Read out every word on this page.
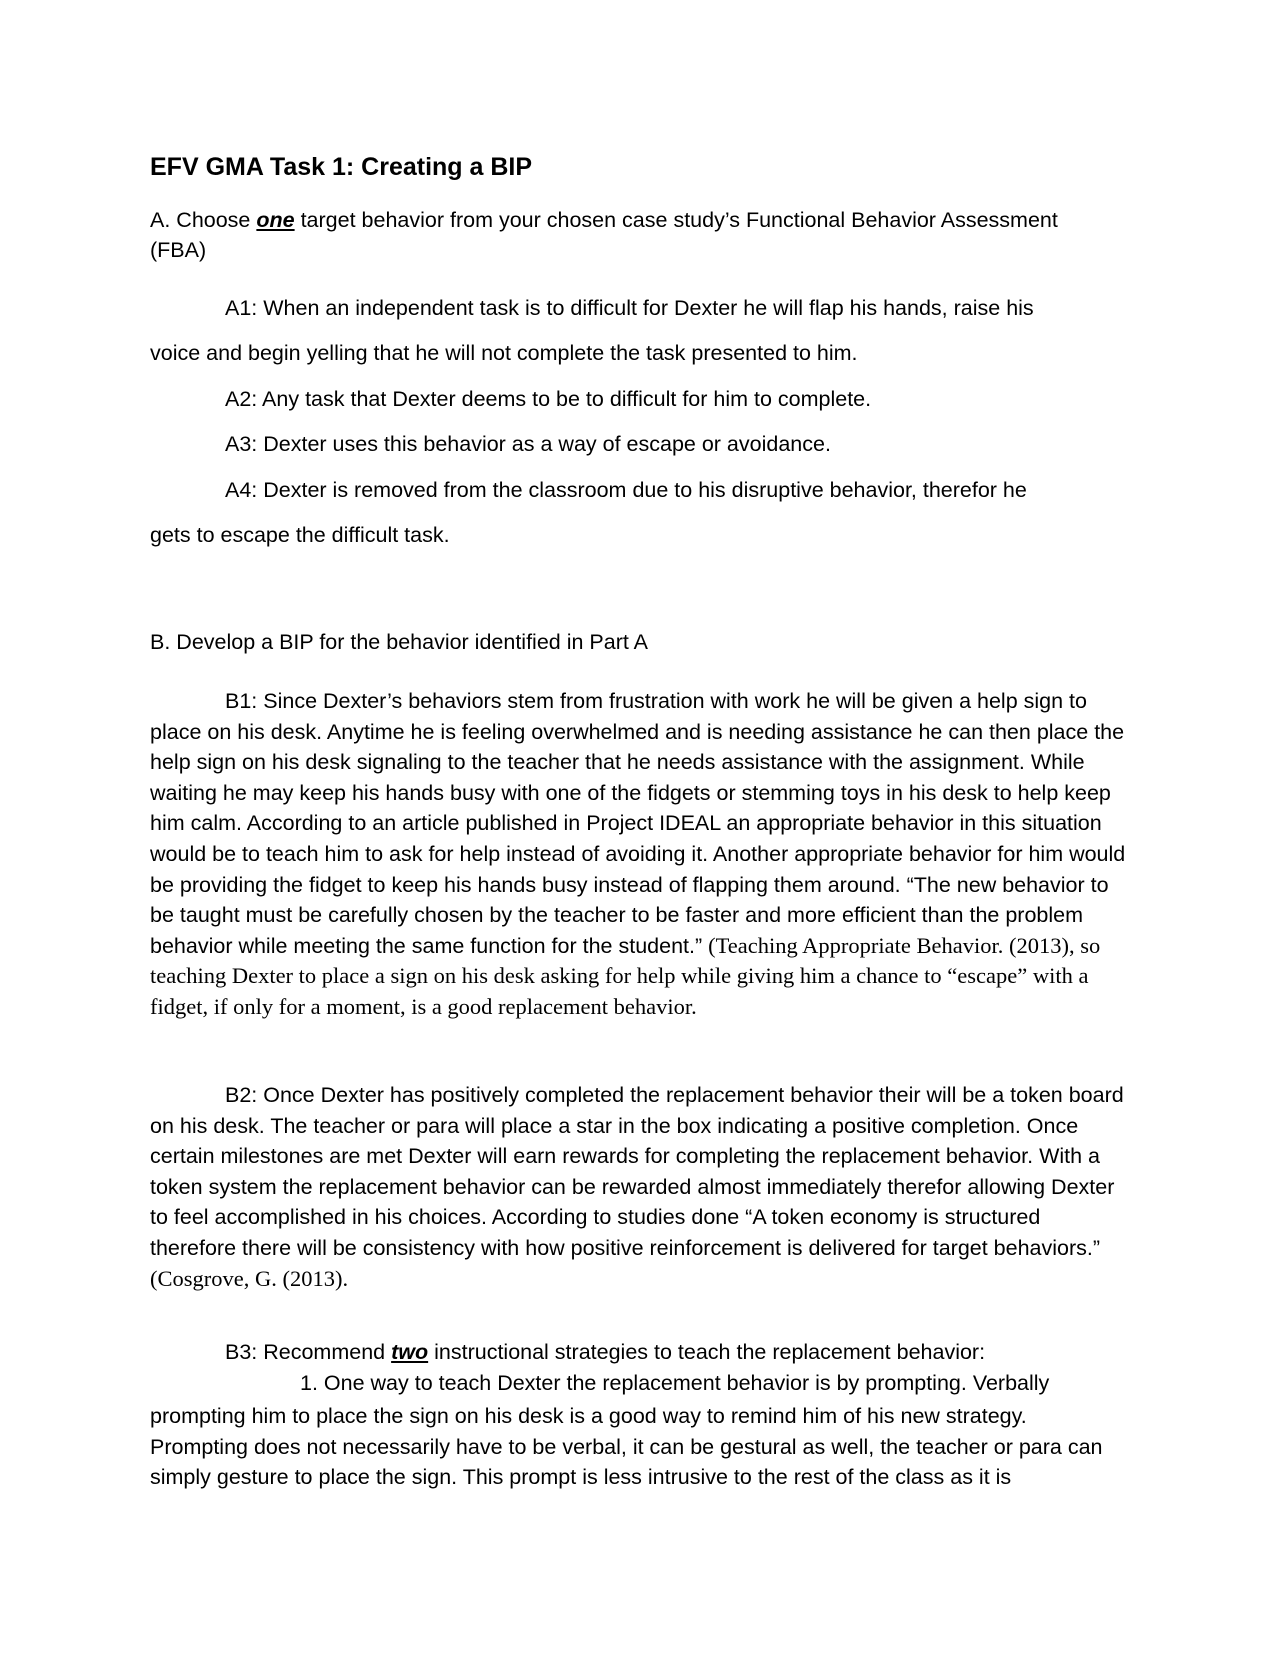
EFV GMA Task 1: Creating a BIP

A. Choose one target behavior from your chosen case study’s Functional Behavior Assessment

(FBA)

A1: When an independent task is to difficult for Dexter he will flap his hands, raise his

voice and begin yelling that he will not complete the task presented to him.

A2: Any task that Dexter deems to be to difficult for him to complete.

A3: Dexter uses this behavior as a way of escape or avoidance.

A4: Dexter is removed from the classroom due to his disruptive behavior, therefor he

gets to escape the difficult task.

B. Develop a BIP for the behavior identified in Part A

B1: Since Dexter’s behaviors stem from frustration with work he will be given a help sign to place on his desk. Anytime he is feeling overwhelmed and is needing assistance he can then place the help sign on his desk signaling to the teacher that he needs assistance with the assignment. While waiting he may keep his hands busy with one of the fidgets or stemming toys in his desk to help keep him calm. According to an article published in Project IDEAL an appropriate behavior in this situation would be to teach him to ask for help instead of avoiding it. Another appropriate behavior for him would be providing the fidget to keep his hands busy instead of flapping them around. “The new behavior to be taught must be carefully chosen by the teacher to be faster and more efficient than the problem behavior while meeting the same function for the student.” (Teaching Appropriate Behavior. (2013), so teaching Dexter to place a sign on his desk asking for help while giving him a chance to “escape” with a fidget, if only for a moment, is a good replacement behavior.

B2: Once Dexter has positively completed the replacement behavior their will be a token board on his desk. The teacher or para will place a star in the box indicating a positive completion. Once certain milestones are met Dexter will earn rewards for completing the replacement behavior. With a token system the replacement behavior can be rewarded almost immediately therefor allowing Dexter to feel accomplished in his choices. According to studies done “A token economy is structured therefore there will be consistency with how positive reinforcement is delivered for target behaviors.” (Cosgrove, G. (2013).

B3: Recommend two instructional strategies to teach the replacement behavior:

1. One way to teach Dexter the replacement behavior is by prompting. Verbally

prompting him to place the sign on his desk is a good way to remind him of his new strategy. Prompting does not necessarily have to be verbal, it can be gestural as well, the teacher or para can simply gesture to place the sign. This prompt is less intrusive to the rest of the class as it is
